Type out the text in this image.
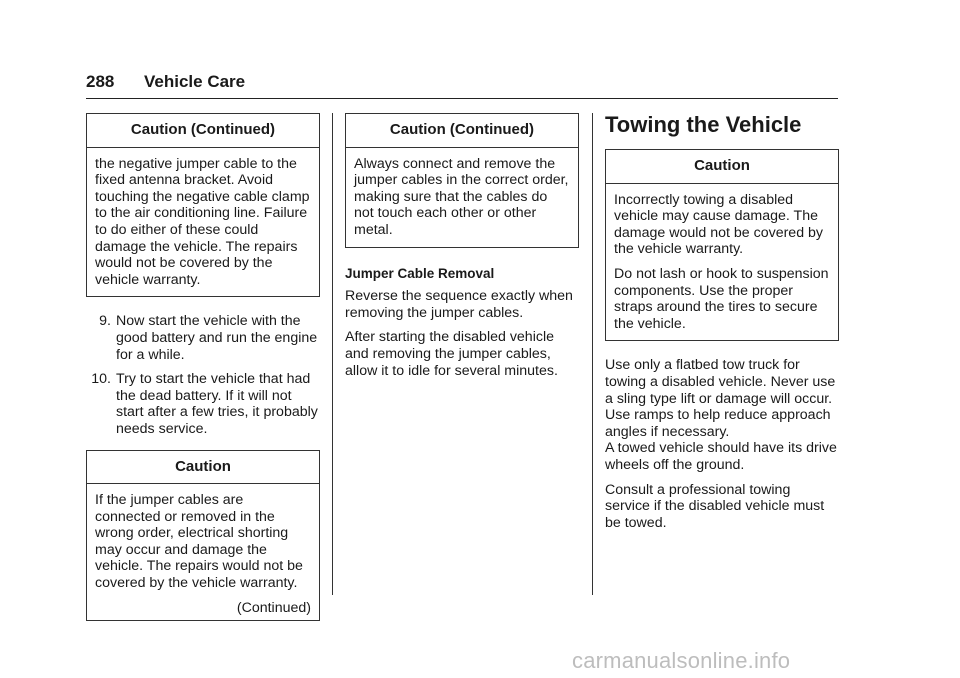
288 Vehicle Care
Caution (Continued)

the negative jumper cable to the fixed antenna bracket. Avoid touching the negative cable clamp to the air conditioning line. Failure to do either of these could damage the vehicle. The repairs would not be covered by the vehicle warranty.

9. Now start the vehicle with the good battery and run the engine for a while.
10. Try to start the vehicle that had the dead battery. If it will not start after a few tries, it probably needs service.
Caution

If the jumper cables are connected or removed in the wrong order, electrical shorting may occur and damage the vehicle. The repairs would not be covered by the vehicle warranty.

(Continued)
Caution (Continued)

Always connect and remove the jumper cables in the correct order, making sure that the cables do not touch each other or other metal.

Jumper Cable Removal

Reverse the sequence exactly when removing the jumper cables.

After starting the disabled vehicle and removing the jumper cables, allow it to idle for several minutes.

Towing the Vehicle
Caution

Incorrectly towing a disabled vehicle may cause damage. The damage would not be covered by the vehicle warranty.

Do not lash or hook to suspension components. Use the proper straps around the tires to secure the vehicle.

Use only a flatbed tow truck for towing a disabled vehicle. Never use a sling type lift or damage will occur. Use ramps to help reduce approach angles if necessary.

A towed vehicle should have its drive wheels off the ground.

Consult a professional towing service if the disabled vehicle must be towed.

carmanualsonline.info
